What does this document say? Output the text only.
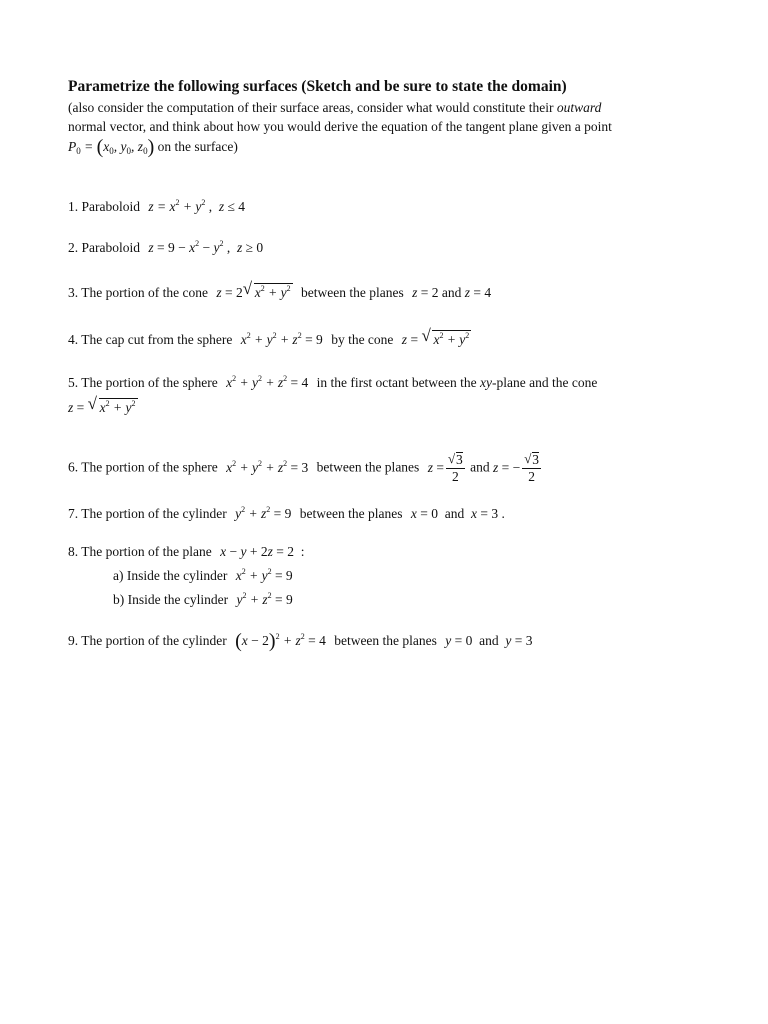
Parametrize the following surfaces (Sketch and be sure to state the domain)
(also consider the computation of their surface areas, consider what would constitute their outward
normal vector, and think about how you would derive the equation of the tangent plane given a point
$P_0 = (x_0$, $y_0$, $z_0$) on the surface)
1. Paraboloid z = x$^2$ + y$^2$ ,  z ≤ 4
2. Paraboloid z = 9 − x$^2$ − y$^2$ ,  z ≥ 0
3. The portion of the cone z = 2 √ x$^2$ + y$^2$ between the planes z = 2 and z = 4
4. The cap cut from the sphere x$^2$ + y$^2$ + z$^2$ = 9 by the cone z = √ x$^2$ + y$^2$
5. The portion of the sphere x$^2$ + y$^2$ + z$^2$ = 4 in the first octant between the xy-plane and the cone
z = √ x$^2$ + y$^2$
6. The portion of the sphere x$^2$ + y$^2$ + z$^2$ = 3 between the planes $z = \frac{√ 3}{2}$ and z = − $\frac{√ 3}{2}$
7. The portion of the cylinder y$^2$ + z$^2$ = 9 between the planes x = 0 and x = 3 .
8. The portion of the plane x − y + 2z = 2  :
a) Inside the cylinder x$^2$ + y$^2$ = 9
b) Inside the cylinder y$^2$ + z$^2$ = 9
9. The portion of the cylinder (x − 2)$^2$ + z$^2$ = 4 between the planes y = 0 and y = 3
